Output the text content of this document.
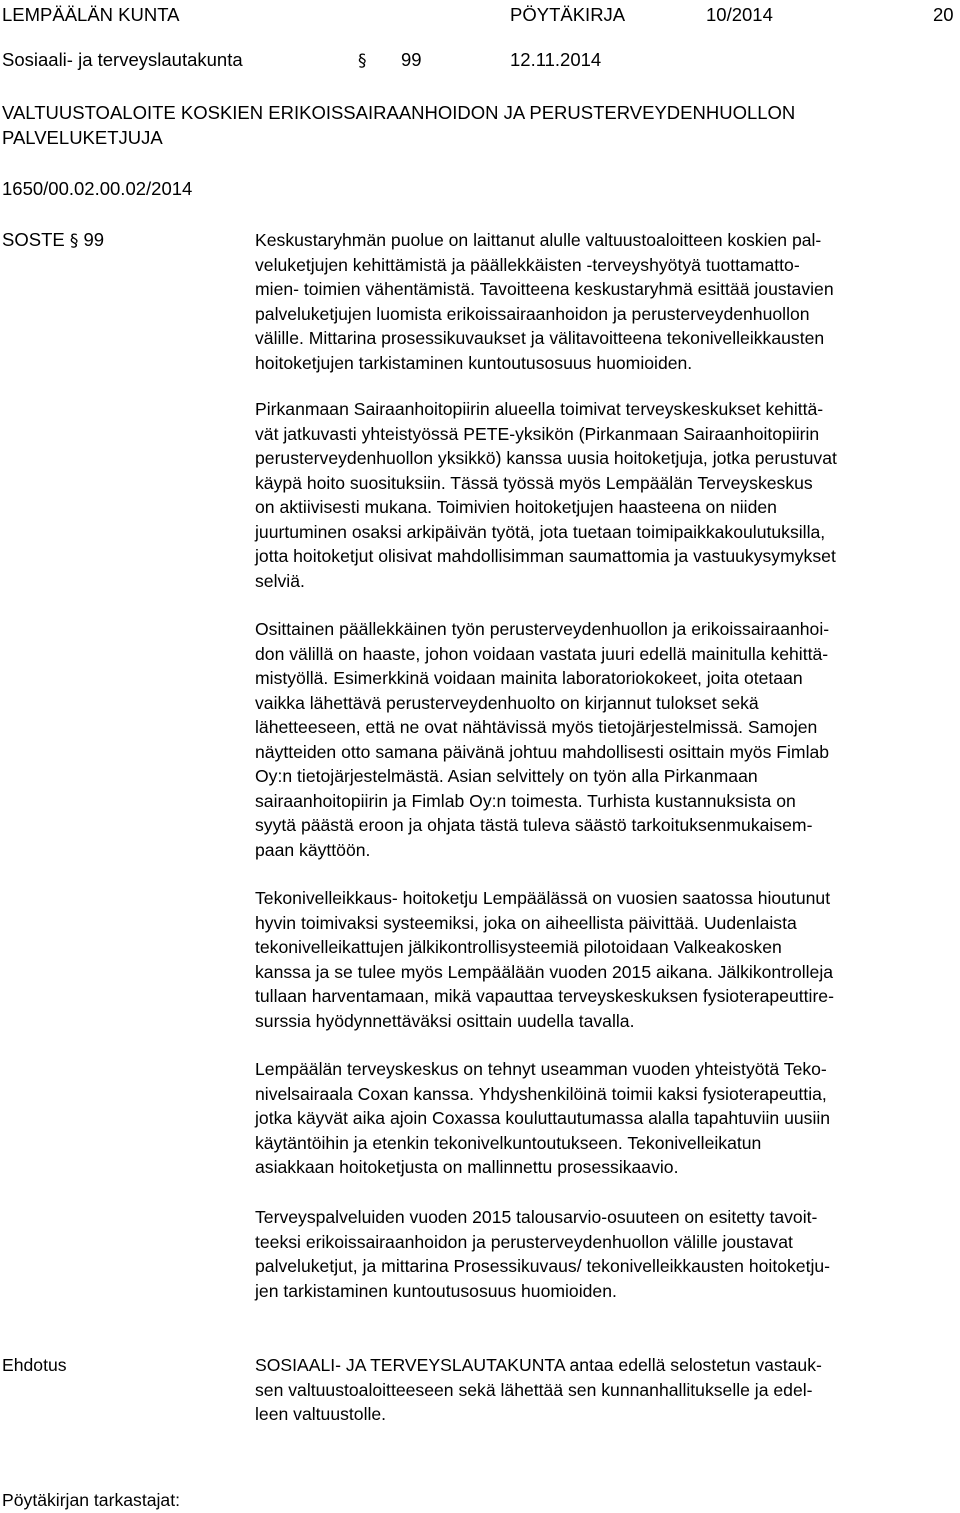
LEMPÄÄLÄN KUNTA	PÖYTÄKIRJA	10/2014	20
Sosiaali- ja terveyslautakunta	§ 99	12.11.2014
VALTUUSTOALOITE KOSKIEN ERIKOISSAIRAANHOIDON JA PERUSTERVEYDENHUOLLON
PALVELUKETJUJA
1650/00.02.00.02/2014
SOSTE § 99	Keskustaryhmän puolue on laittanut alulle valtuustoaloitteen koskien pal-
veluketjujen kehittämistä ja päällekkäisten -terveyshyötyä tuottamatto-
mien- toimien vähentämistä. Tavoitteena keskustaryhmä esittää joustavien
palveluketjujen luomista erikoissairaanhoidon ja perusterveydenhuollon
välille. Mittarina prosessikuvaukset ja välitavoitteena tekonivelleikkausten
hoitoketjujen tarkistaminen kuntoutusosuus huomioiden.

Pirkanmaan Sairaanhoitopiirin alueella toimivat terveyskeskukset kehittä-
vät jatkuvasti yhteistyössä PETE-yksikön (Pirkanmaan Sairaanhoitopiirin
perusterveydenhuollon yksikkö) kanssa uusia hoitoketjuja, jotka perustuvat
käypä hoito suosituksiin. Tässä työssä myös Lempäälän Terveyskeskus
on aktiivisesti mukana. Toimivien hoitoketjujen haasteena on niiden
juurtuminen osaksi arkipäivän työtä, jota tuetaan toimipaikkakoulutuksilla,
jotta hoitoketjut olisivat mahdollisimman saumattomia ja vastuukysymykset
selviä.

Osittainen päällekkäinen työn perusterveydenhuollon ja erikoissairaanhoi-
don välillä on haaste, johon voidaan vastata juuri edellä mainitulla kehittä-
mistyöllä. Esimerkkinä voidaan mainita laboratoriokokeet, joita otetaan
vaikka lähettävä perusterveydenhuolto on kirjannut tulokset sekä
lähetteeseen, että ne ovat nähtävissä myös tietojärjestelmissä. Samojen
näytteiden otto samana päivänä johtuu mahdollisesti osittain myös Fimlab
Oy:n tietojärjestelmästä. Asian selvittely on työn alla Pirkanmaan
sairaanhoitopiirin ja Fimlab Oy:n toimesta. Turhista kustannuksista on
syytä päästä eroon ja ohjata tästä tuleva säästö tarkoituksenmukaisem-
paan käyttöön.

Tekonivelleikkaus- hoitoketju Lempäälässä on vuosien saatossa hioutunut
hyvin toimivaksi systeemiksi, joka on aiheellista päivittää. Uudenlaista
tekonivelleikattujen jälkikontrollisysteemiä pilotoidaan Valkeakosken
kanssa ja se tulee myös Lempäälään vuoden 2015 aikana. Jälkikontrolleja
tullaan harventamaan, mikä vapauttaa terveyskeskuksen fysioterapeuttire-
surssia hyödynnettäväksi osittain uudella tavalla.

Lempäälän terveyskeskus on tehnyt useamman vuoden yhteistyötä Teko-
nivelsairaala Coxan kanssa. Yhdyshenkilöinä toimii kaksi fysioterapeuttia,
jotka käyvät aika ajoin Coxassa kouluttautumassa alalla tapahtuviin uusiin
käytäntöihin ja etenkin tekonivelkuntoutukseen. Tekonivelleikatun
asiakkaan hoitoketjusta on mallinnettu prosessikaavio.

Terveyspalveluiden vuoden 2015 talousarvio-osuuteen on esitetty tavoit-
teeksi erikoissairaanhoidon ja perusterveydenhuollon välille joustavat
palveluketjut, ja mittarina Prosessikuvaus/ tekonivelleikkausten hoitoketju-
jen tarkistaminen kuntoutusosuus huomioiden.

Ehdotus	SOSIAALI- JA TERVEYSLAUTAKUNTA antaa edellä selostetun vastauk-
sen valtuustoaloitteeseen sekä lähettää sen kunnanhallitukselle ja edel-
leen valtuustolle.

Pöytäkirjan tarkastajat:
